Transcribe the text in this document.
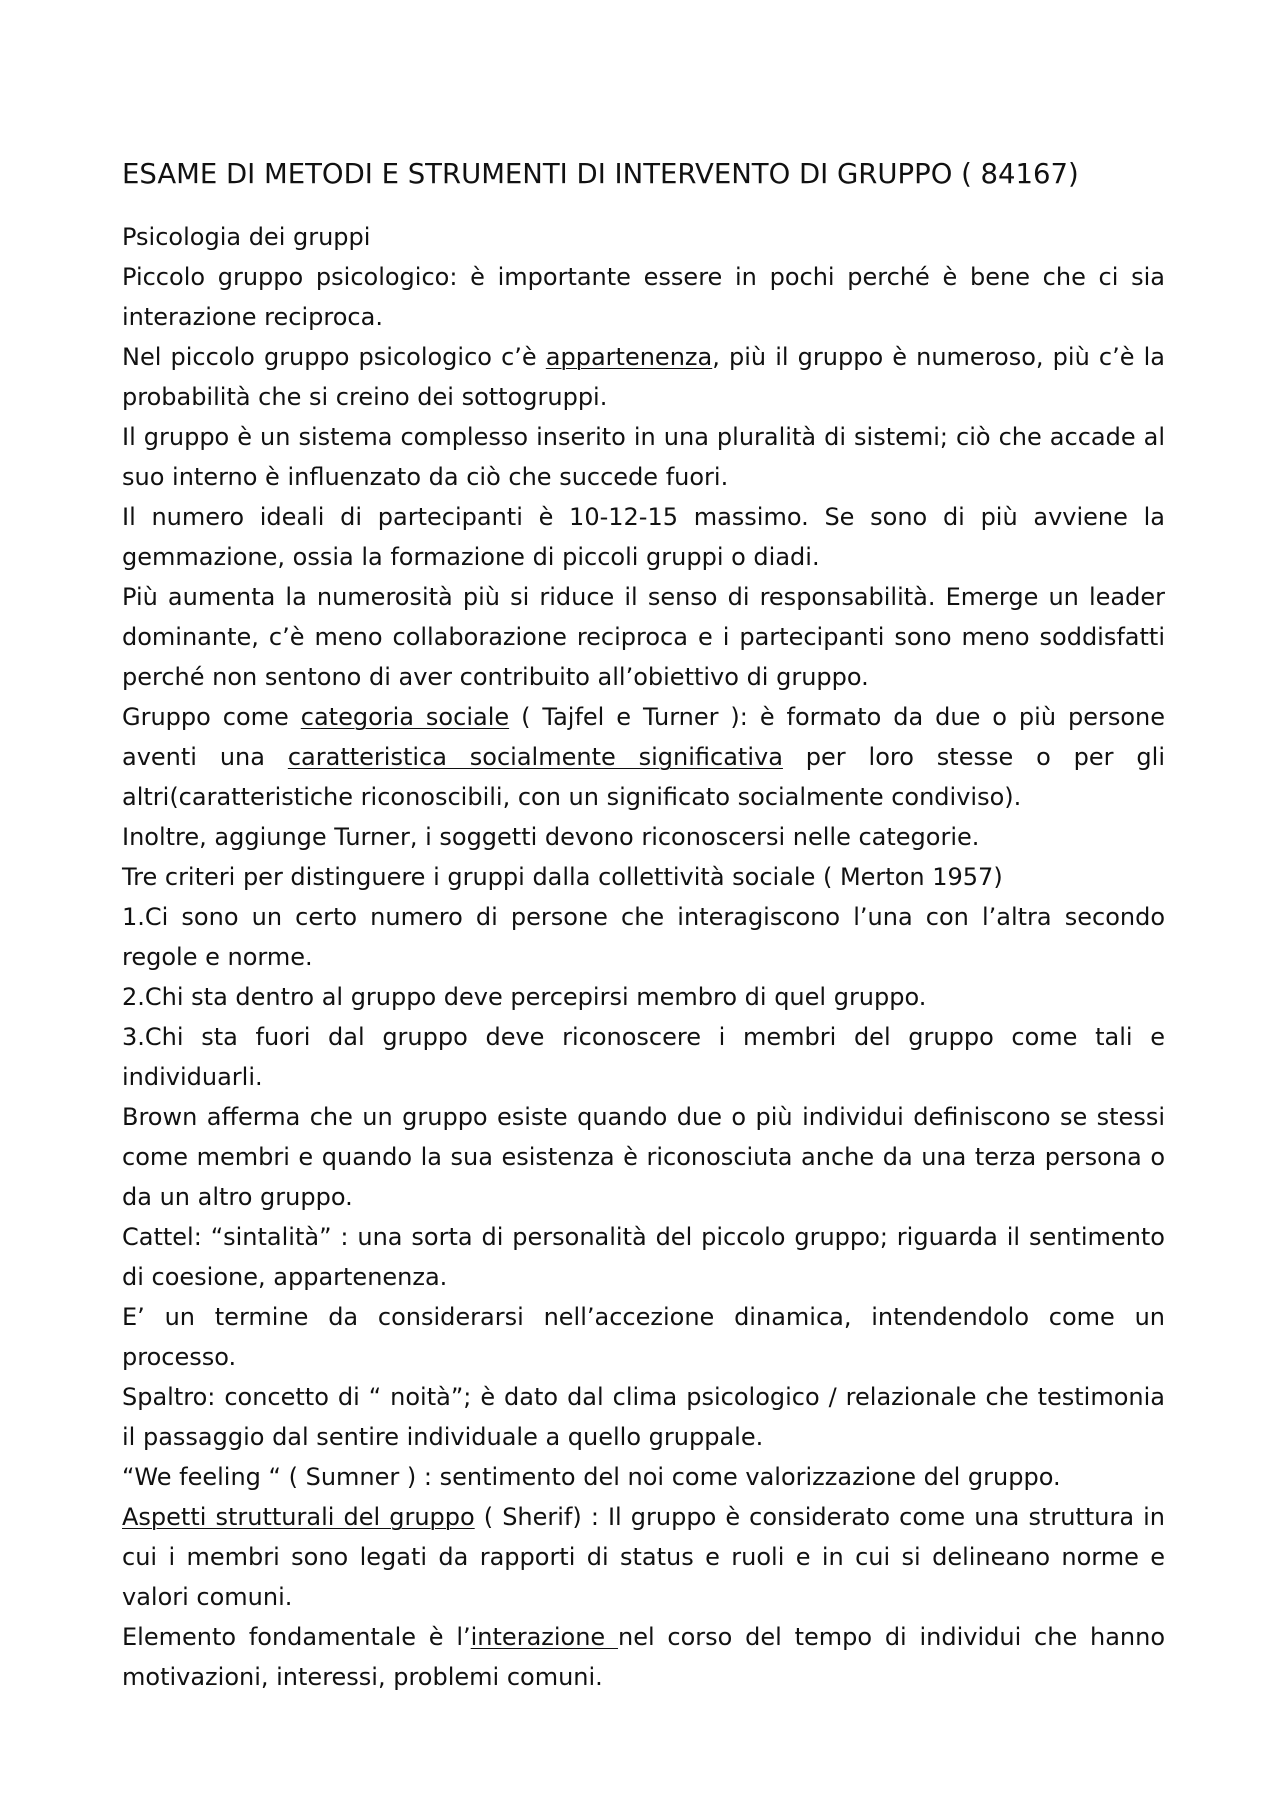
ESAME DI METODI E STRUMENTI DI INTERVENTO DI GRUPPO ( 84167)

Psicologia dei gruppi

Piccolo gruppo psicologico: è importante essere in pochi perché è bene che ci sia interazione reciproca.

Nel piccolo gruppo psicologico c’è appartenenza, più il gruppo è numeroso, più c’è la probabilità che si creino dei sottogruppi.

Il gruppo è un sistema complesso inserito in una pluralità di sistemi; ciò che accade al suo interno è influenzato da ciò che succede fuori.

Il numero ideali di partecipanti è 10-12-15 massimo. Se sono di più avviene la gemmazione, ossia la formazione di piccoli gruppi o diadi.

Più aumenta la numerosità più si riduce il senso di responsabilità. Emerge un leader dominante, c’è meno collaborazione reciproca e i partecipanti sono meno soddisfatti perché non sentono di aver contribuito all’obiettivo di gruppo.

Gruppo come categoria sociale ( Tajfel e Turner ): è formato da due o più persone aventi una caratteristica socialmente significativa per loro stesse o per gli altri(caratteristiche riconoscibili, con un significato socialmente condiviso).

Inoltre, aggiunge Turner, i soggetti devono riconoscersi nelle categorie.

Tre criteri per distinguere i gruppi dalla collettività sociale ( Merton 1957)

1.Ci sono un certo numero di persone che interagiscono l’una con l’altra secondo regole e norme.

2.Chi sta dentro al gruppo deve percepirsi membro di quel gruppo.

3.Chi sta fuori dal gruppo deve riconoscere i membri del gruppo come tali e individuarli.

Brown afferma che un gruppo esiste quando due o più individui definiscono se stessi come membri e quando la sua esistenza è riconosciuta anche da una terza persona o da un altro gruppo.

Cattel: “sintalità” : una sorta di personalità del piccolo gruppo; riguarda il sentimento di coesione, appartenenza.

E’ un termine da considerarsi nell’accezione dinamica, intendendolo come un processo.

Spaltro: concetto di “ noità”; è dato dal clima psicologico / relazionale che testimonia il passaggio dal sentire individuale a quello gruppale.

“We feeling “ ( Sumner ) : sentimento del noi come valorizzazione del gruppo.

Aspetti strutturali del gruppo ( Sherif) : Il gruppo è considerato come una struttura in cui i membri sono legati da rapporti di status e ruoli e in cui si delineano norme e valori comuni.

Elemento fondamentale è l’interazione nel corso del tempo di individui che hanno motivazioni, interessi, problemi comuni.
